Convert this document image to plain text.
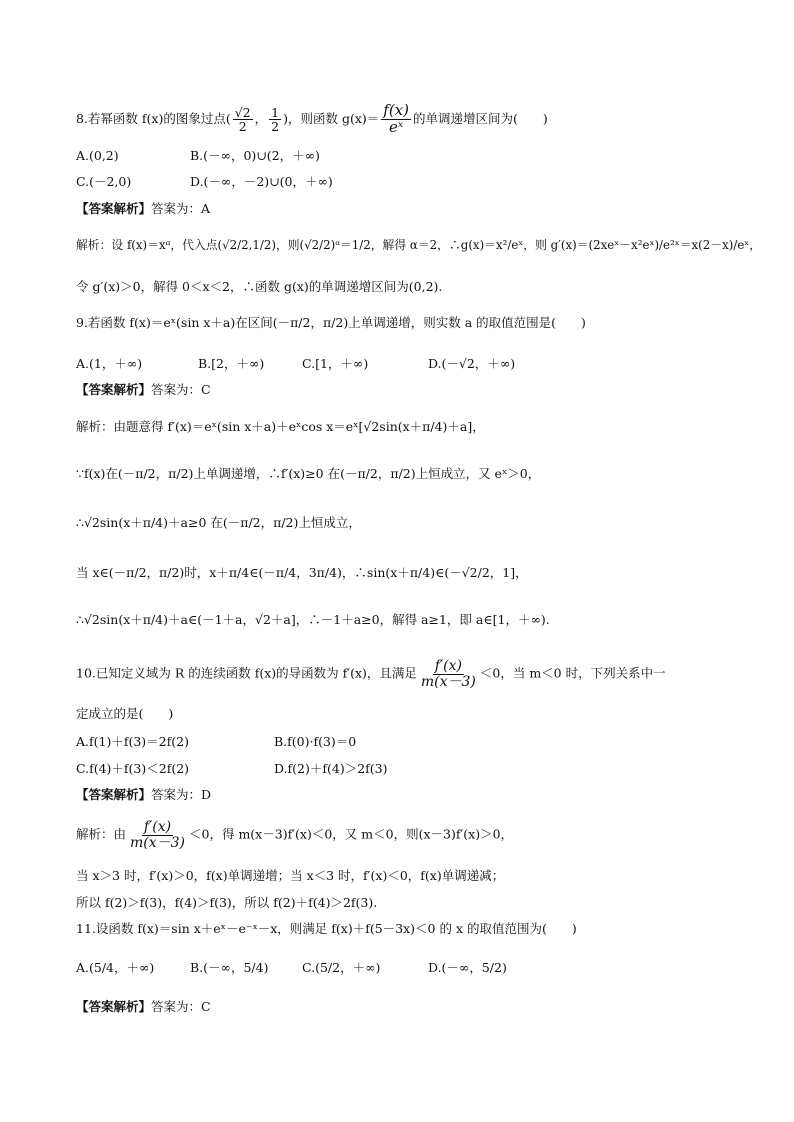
8.若幂函数 f(x)的图象过点( $\frac{√2}{2}$ ， $\frac{1}{2}$ )，则函数 $g(x)= \frac{f(x)}{\text{eˣ}}$ 的单调递增区间为(　　)
A.(0,2)	B.(－∞，0)∪(2，＋∞)
C.(－2,0)	D.(－∞，－2)∪(0，＋∞)
【答案解析】答案为：A
解析：设 f(x)＝xᵅ，代入点(√2/2,1/2)，则(√2/2)ᵅ＝1/2，解得 α＝2，∴g(x)＝x²/eˣ，则 g′(x)＝(2xeˣ－x²eˣ)/e²ˣ＝x(2－x)/eˣ，
令 g′(x)＞0，解得 0＜x＜2，∴函数 g(x)的单调递增区间为(0,2).
9.若函数 f(x)＝eˣ(sin x＋a)在区间(－π/2，π/2)上单调递增，则实数 a 的取值范围是(　　)
A.(1，＋∞)	B.[2，＋∞)	C.[1，＋∞)	D.(－√2，＋∞)
【答案解析】答案为：C
解析：由题意得 f′(x)＝eˣ(sin x＋a)＋eˣcos x＝eˣ[√2sin(x＋π/4)＋a]，
∵f(x)在(－π/2，π/2)上单调递增，∴f′(x)≥0 在(－π/2，π/2)上恒成立，又 eˣ＞0，
∴√2sin(x＋π/4)＋a≥0 在(－π/2，π/2)上恒成立，
当 x∈(－π/2，π/2)时，x＋π/4∈(－π/4，3π/4)，∴sin(x＋π/4)∈(－√2/2，1]，
∴√2sin(x＋π/4)＋a∈(－1＋a，√2＋a]，∴－1＋a≥0，解得 a≥1，即 a∈[1，＋∞).
10.已知定义域为 R 的连续函数 f(x)的导函数为 f′(x)，且满足 $\frac{f'(x)}{m(x-3)} <0$，当 m＜0 时，下列关系中一
定成立的是(　　)
A.f(1)＋f(3)＝2f(2)	B.f(0)·f(3)＝0
C.f(4)＋f(3)＜2f(2)	D.f(2)＋f(4)＞2f(3)
【答案解析】答案为：D
解析：由 $\frac{f'(x)}{m(x-3)} <0$，得 m(x－3)f′(x)＜0，又 m＜0，则(x－3)f′(x)＞0，
当 x＞3 时，f′(x)＞0，f(x)单调递增；当 x＜3 时，f′(x)＜0，f(x)单调递减；
所以 f(2)＞f(3)，f(4)＞f(3)，所以 f(2)＋f(4)＞2f(3).
11.设函数 f(x)＝sin x＋eˣ－e⁻ˣ－x，则满足 f(x)＋f(5－3x)＜0 的 x 的取值范围为(　　)
A.(5/4，＋∞)	B.(－∞，5/4)	C.(5/2，＋∞)	D.(－∞，5/2)
【答案解析】答案为：C
